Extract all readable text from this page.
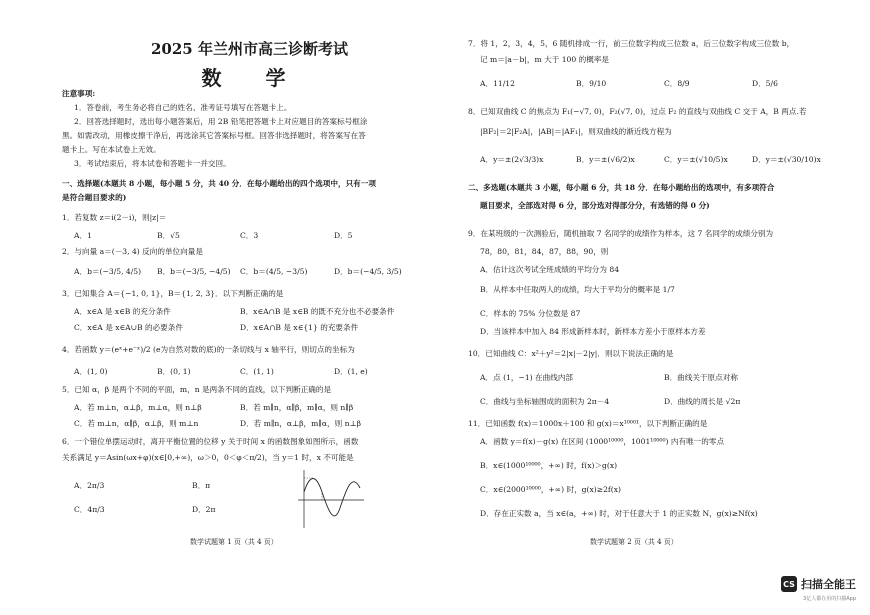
2025 年兰州市高三诊断考试
数　学
注意事项:
1．答卷前，考生务必将自己的姓名、准考证号填写在答题卡上。
2．回答选择题时，选出每小题答案后，用 2B 铅笔把答题卡上对应题目的答案标号框涂
黑。如需改动，用橡皮擦干净后，再选涂其它答案标号框。回答非选择题时，将答案写在答
题卡上。写在本试卷上无效。
3．考试结束后，将本试卷和答题卡一并交回。
一、选择题(本题共 8 小题，每小题 5 分，共 40 分．在每小题给出的四个选项中，只有一项
是符合题目要求的)
1．若复数 z＝i(2－i)，则|z|＝
A．1	B．√5	C．3	D．5
2．与向量 a＝(－3, 4) 反向的单位向量是
A．b＝(−3/5, 4/5) B．b＝(−3/5, −4/5) C．b＝(4/5, −3/5)	D．b＝(−4/5, 3/5)
3．已知集合 A＝{−1, 0, 1}，B＝{1, 2, 3}．以下判断正确的是
A．x∈A 是 x∈B 的充分条件	B．x∈A∩B 是 x∈B 的既不充分也不必要条件
C．x∈A 是 x∈A∪B 的必要条件	D．x∈A∩B 是 x∈{1} 的充要条件
4．若函数 y＝(eˣ+e⁻ˣ)/2 (e为自然对数的底)的一条切线与 x 轴平行，则切点的坐标为
A．(1, 0)	B．(0, 1)	C．(1, 1)	D．(1, e)
5．已知 α，β 是两个不同的平面，m，n 是两条不同的直线，以下判断正确的是
A．若 m⊥n，α⊥β，m⊥α，则 n⊥β	B．若 m∥n，α∥β，m∥α，则 n∥β
C．若 m⊥n，α∥β，α⊥β，则 m⊥n	D．若 m∥n，α⊥β，m∥α，则 n⊥β
6．一个错位单摆运动时，离开平衡位置的位移 y 关于时间 x 的函数图象如图所示，函数
关系满足 y＝Asin(ωx+φ)(x∈[0,+∞)，ω＞0，0＜φ＜π/2)，当 y＝1 时，x 不可能是
A．2π/3	B．π
C．4π/3	D．2π
数学试题第 1 页（共 4 页）
7．将 1，2，3，4，5，6 随机排成一行，前三位数字构成三位数 a，后三位数字构成三位数 b，
记 m＝|a－b|，m 大于 100 的概率是
A．11/12	B．9/10	C．8/9	D．5/6
8．已知双曲线 C 的焦点为 F₁(−√7, 0)，F₂(√7, 0)，过点 F₂ 的直线与双曲线 C 交于 A，B 两点.若
|BF₂|＝2|F₂A|，|AB|＝|AF₁|，则双曲线的渐近线方程为
A．y＝±(2√3/3)x	B．y＝±(√6/2)x	C．y＝±(√10/5)x	D．y＝±(√30/10)x
二、多选题(本题共 3 小题，每小题 6 分，共 18 分．在每小题给出的选项中，有多项符合
题目要求，全部选对得 6 分，部分选对得部分分，有选错的得 0 分)
9．在某班级的一次测验后，随机抽取 7 名同学的成绩作为样本，这 7 名同学的成绩分别为
78，80，81，84，87，88，90，则
A．估计这次考试全班成绩的平均分为 84
B．从样本中任取两人的成绩，均大于平均分的概率是 1/7
C．样本的 75% 分位数是 87
D．当该样本中加入 84 形成新样本时，新样本方差小于原样本方差
10．已知曲线 C：x²＋y²＝2|x|－2|y|．则以下说法正确的是
A．点 (1，−1) 在曲线内部	B．曲线关于原点对称
C．曲线与坐标轴围成的面积为 2π－4	D．曲线的周长是 √2π
11．已知函数 f(x)＝1000x＋100 和 g(x)＝x¹⁰⁰⁰¹，以下判断正确的是
A．函数 y＝f(x)－g(x) 在区间 (1000¹⁰⁰⁰⁰，1001¹⁰⁰⁰⁰) 内有唯一的零点
B．x∈(1000¹⁰⁰⁰⁰，+∞) 时，f(x)＞g(x)
C．x∈(2000¹⁰⁰⁰⁰，+∞) 时，g(x)≥2f(x)
D．存在正实数 a，当 x∈(a，+∞) 时，对于任意大于 1 的正实数 N，g(x)≥Nf(x)
数学试题第 2 页（共 4 页）
CS 扫描全能王
3亿人都在用的扫描App
